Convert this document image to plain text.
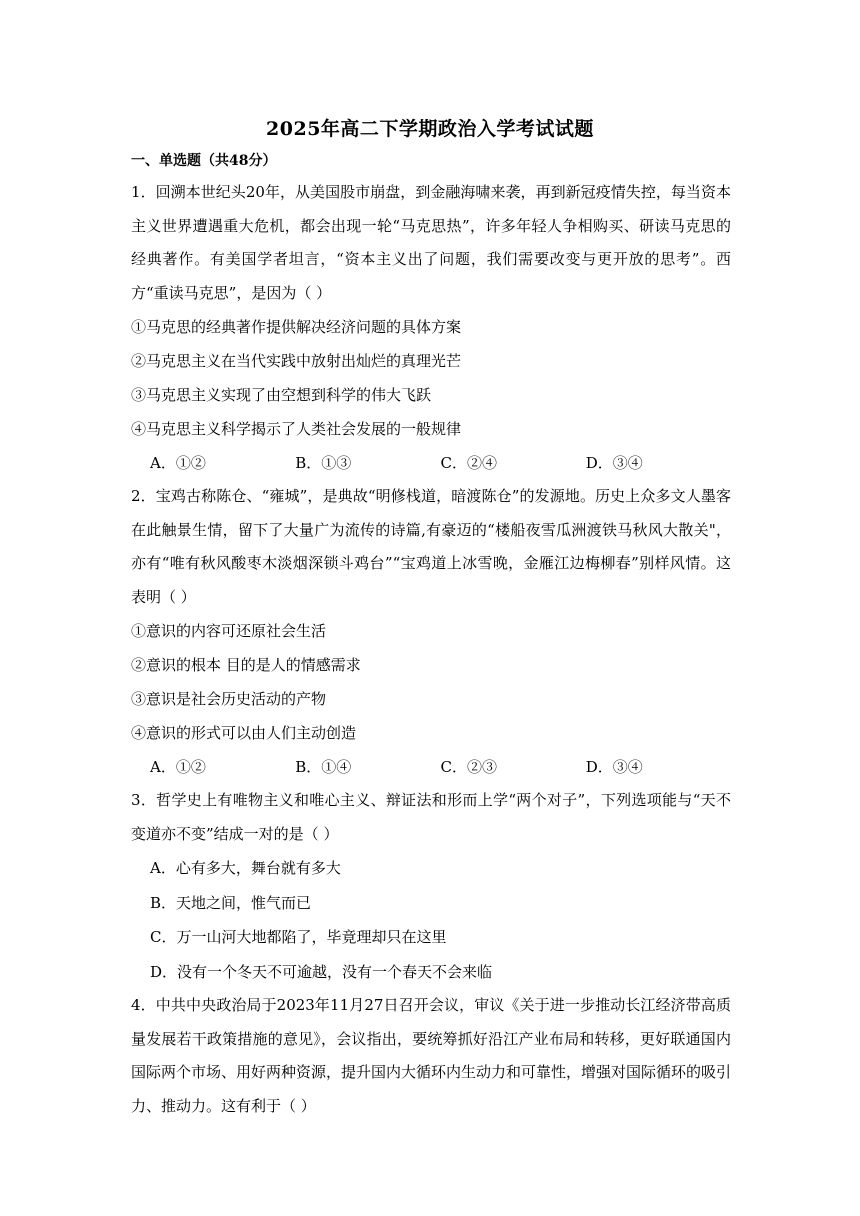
2025年高二下学期政治入学考试试题
一、单选题（共48分）

1．回溯本世纪头20年，从美国股市崩盘，到金融海啸来袭，再到新冠疫情失控，每当资本主义世界遭遇重大危机，都会出现一轮“马克思热”，许多年轻人争相购买、研读马克思的经典著作。有美国学者坦言，“资本主义出了问题，我们需要改变与更开放的思考”。西方“重读马克思”，是因为（ ）

①马克思的经典著作提供解决经济问题的具体方案

②马克思主义在当代实践中放射出灿烂的真理光芒

③马克思主义实现了由空想到科学的伟大飞跃

④马克思主义科学揭示了人类社会发展的一般规律

A．①②	B．①③	C．②④	D．③④

2．宝鸡古称陈仓、“雍城”，是典故“明修栈道，暗渡陈仓”的发源地。历史上众多文人墨客在此触景生情，留下了大量广为流传的诗篇,有豪迈的“楼船夜雪瓜洲渡铁马秋风大散关"，亦有“唯有秋风酸枣木淡烟深锁斗鸡台”“宝鸡道上冰雪晚，金雁江边梅柳春”别样风情。这表明（ ）

①意识的内容可还原社会生活

②意识的根本 目的是人的情感需求

③意识是社会历史活动的产物

④意识的形式可以由人们主动创造

A．①②	B．①④	C．②③	D．③④

3．哲学史上有唯物主义和唯心主义、辩证法和形而上学“两个对子”，下列选项能与“天不变道亦不变”结成一对的是（ ）

A．心有多大，舞台就有多大

B．天地之间，惟气而已

C．万一山河大地都陷了，毕竟理却只在这里

D．没有一个冬天不可逾越，没有一个春天不会来临

4．中共中央政治局于2023年11月27日召开会议，审议《关于进一步推动长江经济带高质量发展若干政策措施的意见》，会议指出，要统筹抓好沿江产业布局和转移，更好联通国内国际两个市场、用好两种资源，提升国内大循环内生动力和可靠性，增强对国际循环的吸引力、推动力。这有利于（ ）
